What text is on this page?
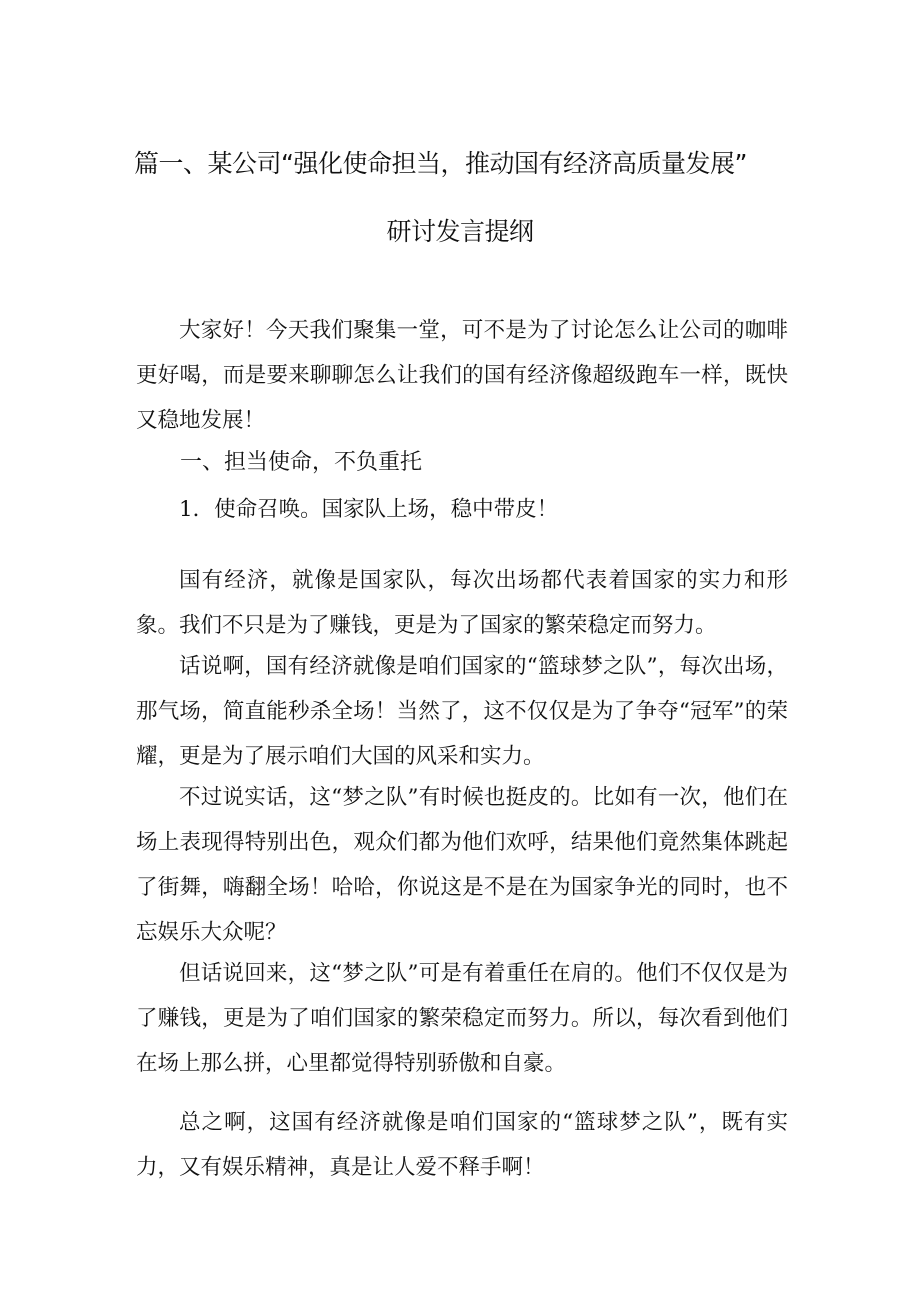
篇一、某公司“强化使命担当，推动国有经济高质量发展”
研讨发言提纲

大家好！今天我们聚集一堂，可不是为了讨论怎么让公司的咖啡更好喝，而是要来聊聊怎么让我们的国有经济像超级跑车一样，既快又稳地发展！

一、担当使命，不负重托

1．使命召唤。国家队上场，稳中带皮！

国有经济，就像是国家队，每次出场都代表着国家的实力和形象。我们不只是为了赚钱，更是为了国家的繁荣稳定而努力。

话说啊，国有经济就像是咱们国家的“篮球梦之队”，每次出场，那气场，简直能秒杀全场！当然了，这不仅仅是为了争夺“冠军”的荣耀，更是为了展示咱们大国的风采和实力。

不过说实话，这“梦之队”有时候也挺皮的。比如有一次，他们在场上表现得特别出色，观众们都为他们欢呼，结果他们竟然集体跳起了街舞，嗨翻全场！哈哈，你说这是不是在为国家争光的同时，也不忘娱乐大众呢？

但话说回来，这“梦之队”可是有着重任在肩的。他们不仅仅是为了赚钱，更是为了咱们国家的繁荣稳定而努力。所以，每次看到他们在场上那么拼，心里都觉得特别骄傲和自豪。

总之啊，这国有经济就像是咱们国家的“篮球梦之队”，既有实力，又有娱乐精神，真是让人爱不释手啊！
